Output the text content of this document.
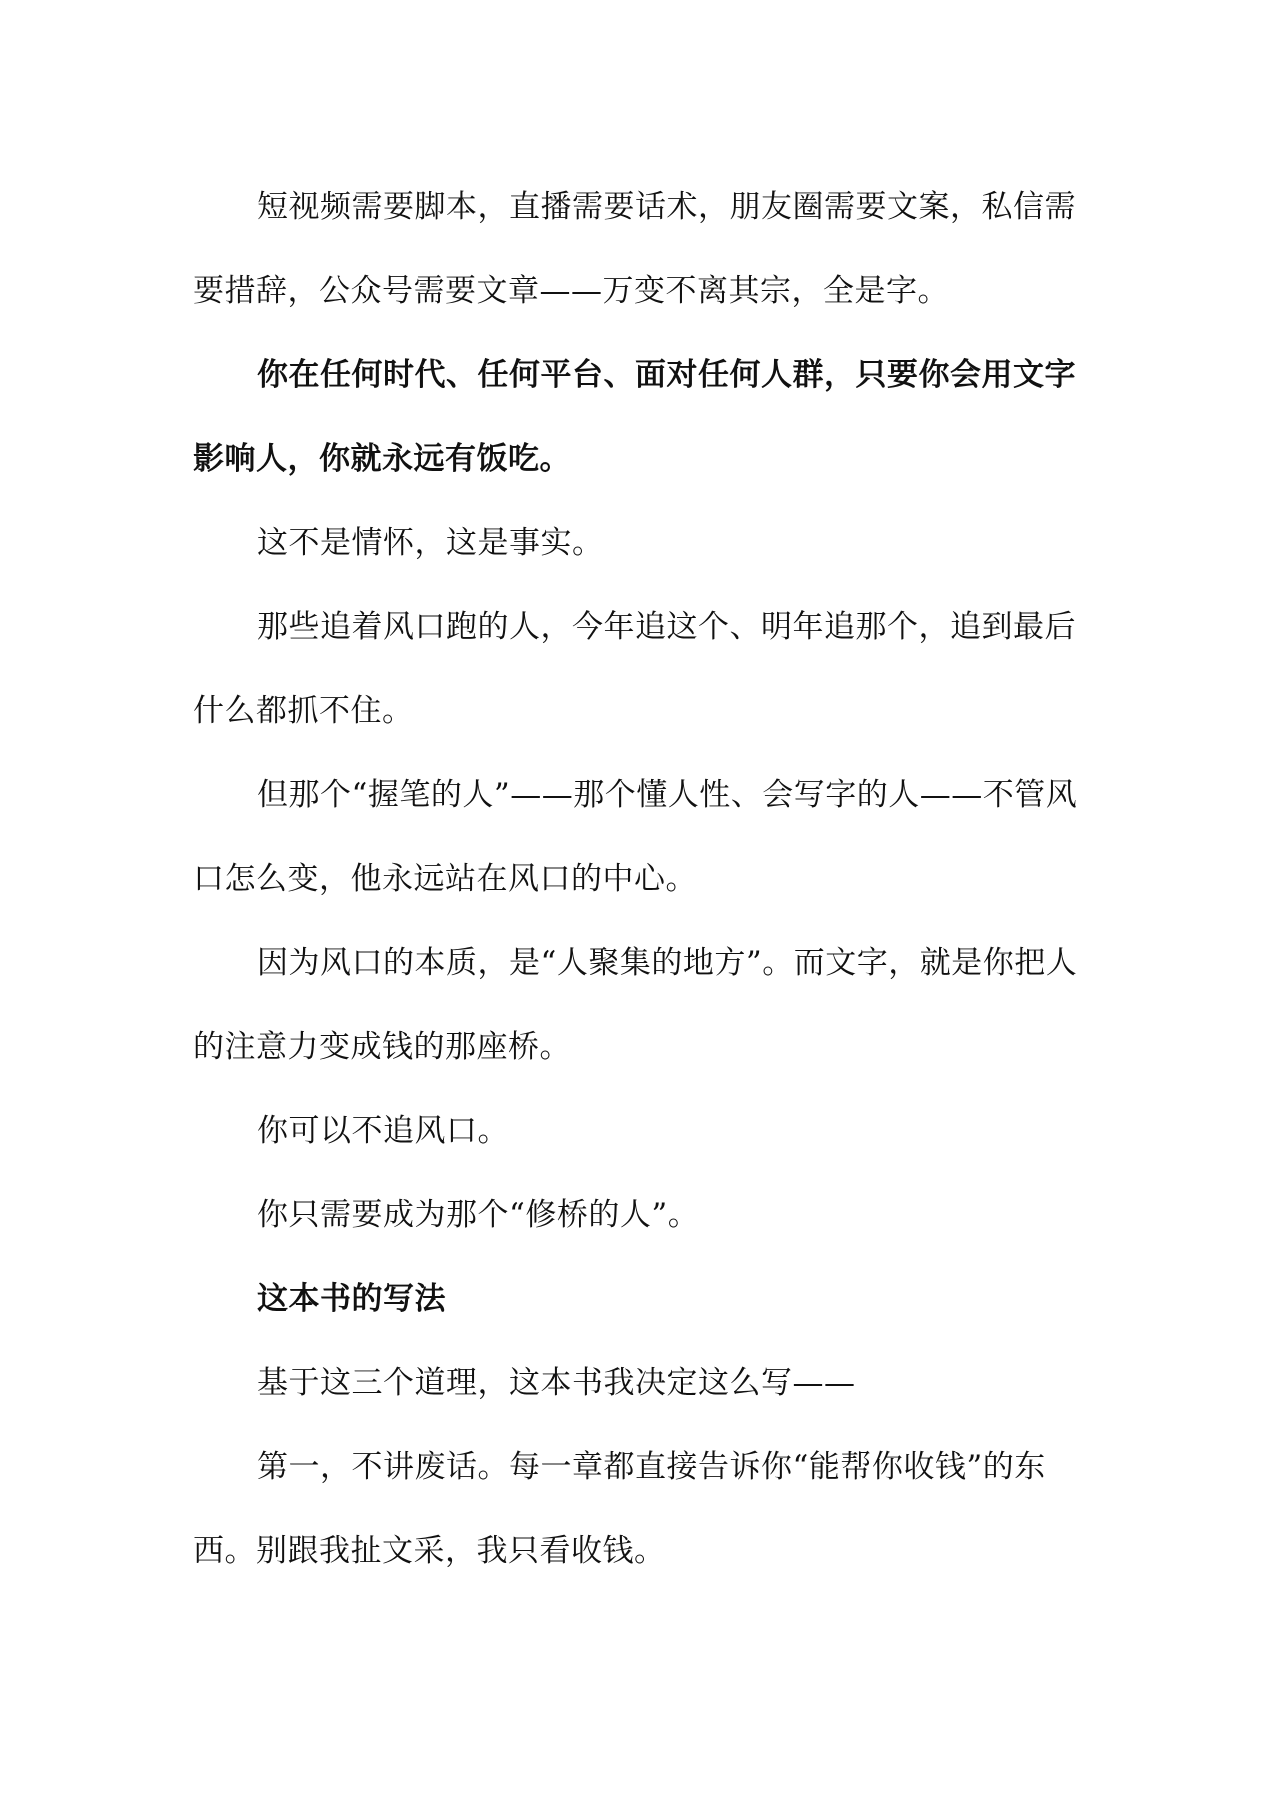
短视频需要脚本，直播需要话术，朋友圈需要文案，私信需要措辞，公众号需要文章——万变不离其宗，全是字。

你在任何时代、任何平台、面对任何人群，只要你会用文字影响人，你就永远有饭吃。

这不是情怀，这是事实。

那些追着风口跑的人，今年追这个、明年追那个，追到最后什么都抓不住。

但那个“握笔的人”——那个懂人性、会写字的人——不管风口怎么变，他永远站在风口的中心。

因为风口的本质，是“人聚集的地方”。而文字，就是你把人的注意力变成钱的那座桥。

你可以不追风口。

你只需要成为那个“修桥的人”。

这本书的写法

基于这三个道理，这本书我决定这么写——

第一，不讲废话。每一章都直接告诉你“能帮你收钱”的东西。别跟我扯文采，我只看收钱。
